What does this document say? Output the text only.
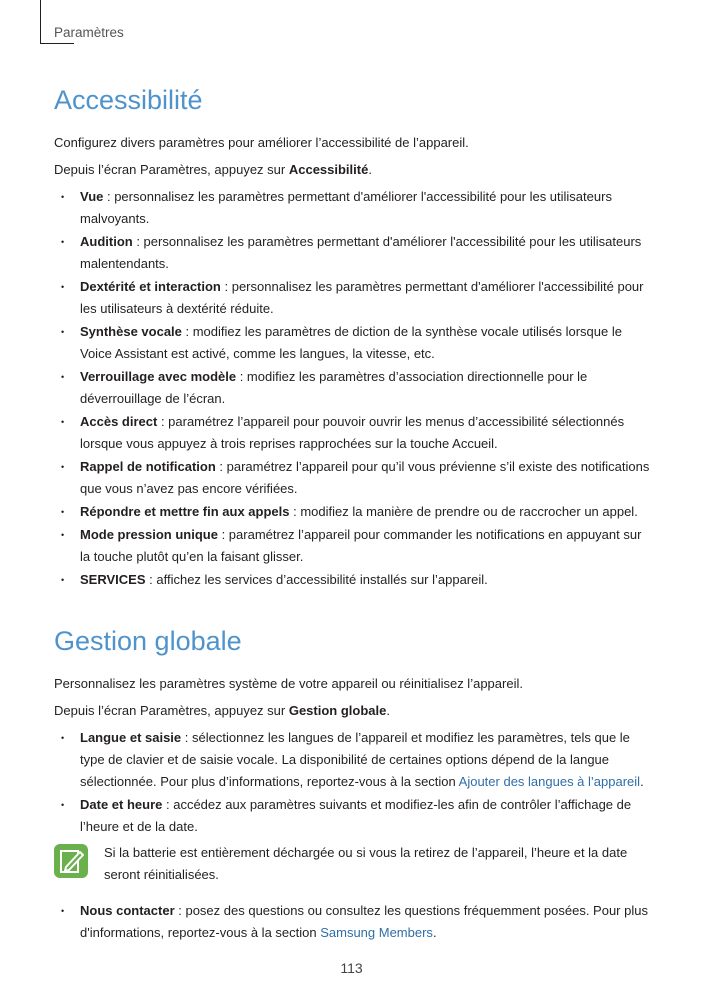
Paramètres
Accessibilité

Configurez divers paramètres pour améliorer l’accessibilité de l’appareil.

Depuis l’écran Paramètres, appuyez sur Accessibilité.

• Vue : personnalisez les paramètres permettant d'améliorer l'accessibilité pour les utilisateurs malvoyants.
• Audition : personnalisez les paramètres permettant d'améliorer l'accessibilité pour les utilisateurs malentendants.
• Dextérité et interaction : personnalisez les paramètres permettant d'améliorer l'accessibilité pour les utilisateurs à dextérité réduite.
• Synthèse vocale : modifiez les paramètres de diction de la synthèse vocale utilisés lorsque le Voice Assistant est activé, comme les langues, la vitesse, etc.
• Verrouillage avec modèle : modifiez les paramètres d’association directionnelle pour le déverrouillage de l’écran.
• Accès direct : paramétrez l’appareil pour pouvoir ouvrir les menus d’accessibilité sélectionnés lorsque vous appuyez à trois reprises rapprochées sur la touche Accueil.
• Rappel de notification : paramétrez l’appareil pour qu’il vous prévienne s’il existe des notifications que vous n’avez pas encore vérifiées.
• Répondre et mettre fin aux appels : modifiez la manière de prendre ou de raccrocher un appel.
• Mode pression unique : paramétrez l’appareil pour commander les notifications en appuyant sur la touche plutôt qu’en la faisant glisser.
• SERVICES : affichez les services d’accessibilité installés sur l’appareil.
Gestion globale

Personnalisez les paramètres système de votre appareil ou réinitialisez l’appareil.

Depuis l’écran Paramètres, appuyez sur Gestion globale.

• Langue et saisie : sélectionnez les langues de l’appareil et modifiez les paramètres, tels que le type de clavier et de saisie vocale. La disponibilité de certaines options dépend de la langue sélectionnée. Pour plus d’informations, reportez-vous à la section Ajouter des langues à l’appareil.
• Date et heure : accédez aux paramètres suivants et modifiez-les afin de contrôler l’affichage de l’heure et de la date.
Si la batterie est entièrement déchargée ou si vous la retirez de l’appareil, l’heure et la date seront réinitialisées.
• Nous contacter : posez des questions ou consultez les questions fréquemment posées. Pour plus d'informations, reportez-vous à la section Samsung Members.
113
